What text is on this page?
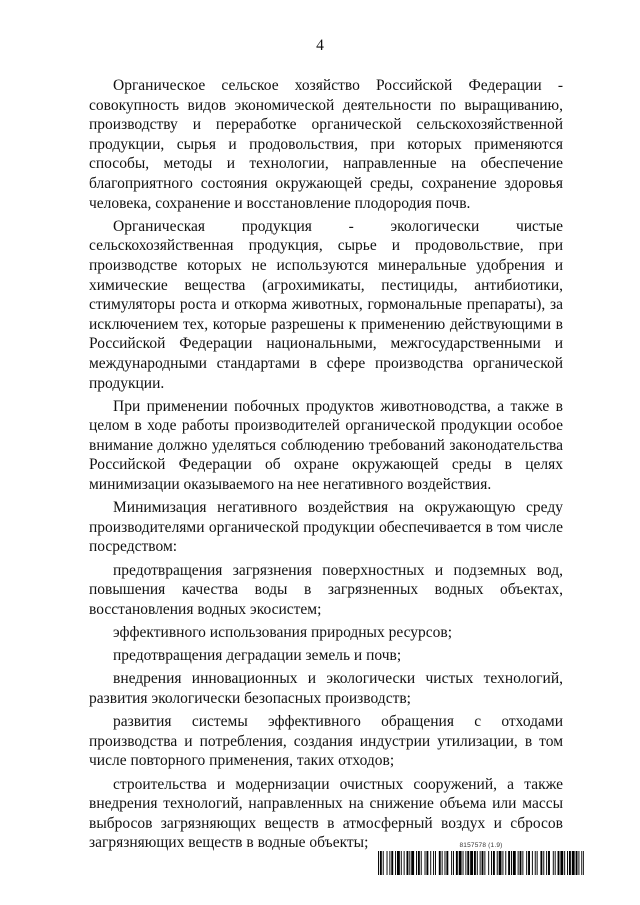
4

Органическое сельское хозяйство Российской Федерации - совокупность видов экономической деятельности по выращиванию, производству и переработке органической сельскохозяйственной продукции, сырья и продовольствия, при которых применяются способы, методы и технологии, направленные на обеспечение благоприятного состояния окружающей среды, сохранение здоровья человека, сохранение и восстановление плодородия почв.

Органическая продукция - экологически чистые сельскохозяйственная продукция, сырье и продовольствие, при производстве которых не используются минеральные удобрения и химические вещества (агрохимикаты, пестициды, антибиотики, стимуляторы роста и откорма животных, гормональные препараты), за исключением тех, которые разрешены к применению действующими в Российской Федерации национальными, межгосударственными и международными стандартами в сфере производства органической продукции.

При применении побочных продуктов животноводства, а также в целом в ходе работы производителей органической продукции особое внимание должно уделяться соблюдению требований законодательства Российской Федерации об охране окружающей среды в целях минимизации оказываемого на нее негативного воздействия.

Минимизация негативного воздействия на окружающую среду производителями органической продукции обеспечивается в том числе посредством:

предотвращения загрязнения поверхностных и подземных вод, повышения качества воды в загрязненных водных объектах, восстановления водных экосистем;

эффективного использования природных ресурсов;

предотвращения деградации земель и почв;

внедрения инновационных и экологически чистых технологий, развития экологически безопасных производств;

развития системы эффективного обращения с отходами производства и потребления, создания индустрии утилизации, в том числе повторного применения, таких отходов;

строительства и модернизации очистных сооружений, а также внедрения технологий, направленных на снижение объема или массы выбросов загрязняющих веществ в атмосферный воздух и сбросов загрязняющих веществ в водные объекты;	8157578 (1.9)
